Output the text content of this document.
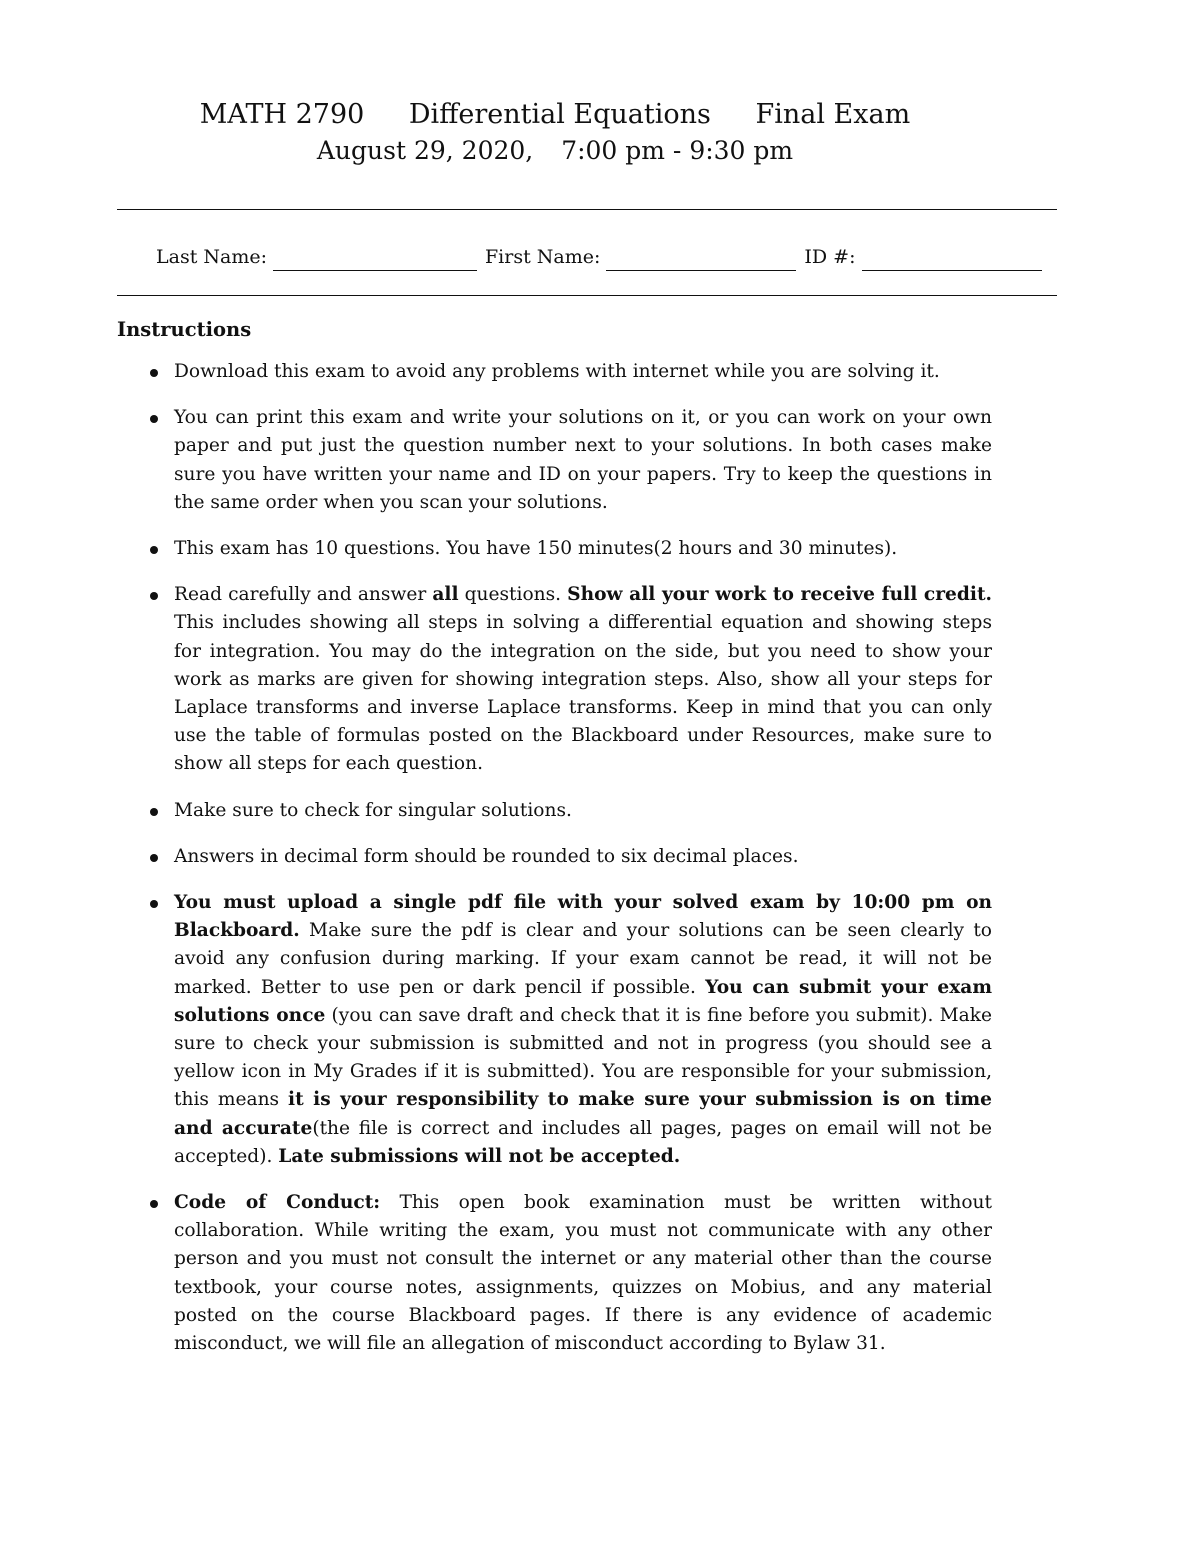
MATH 2790 Differential Equations Final Exam
August 29, 2020, 7:00 pm - 9:30 pm
Last Name:	First Name:	ID #:
Instructions
Download this exam to avoid any problems with internet while you are solving it.
You can print this exam and write your solutions on it, or you can work on your own paper and put just the question number next to your solutions. In both cases make sure you have written your name and ID on your papers. Try to keep the questions in the same order when you scan your solutions.
This exam has 10 questions. You have 150 minutes(2 hours and 30 minutes).
Read carefully and answer all questions. Show all your work to receive full credit. This includes showing all steps in solving a differential equation and showing steps for integration. You may do the integration on the side, but you need to show your work as marks are given for showing integration steps. Also, show all your steps for Laplace transforms and inverse Laplace transforms. Keep in mind that you can only use the table of formulas posted on the Blackboard under Resources, make sure to show all steps for each question.
Make sure to check for singular solutions.
Answers in decimal form should be rounded to six decimal places.
You must upload a single pdf file with your solved exam by 10:00 pm on Blackboard. Make sure the pdf is clear and your solutions can be seen clearly to avoid any confusion during marking. If your exam cannot be read, it will not be marked. Better to use pen or dark pencil if possible. You can submit your exam solutions once (you can save draft and check that it is fine before you submit). Make sure to check your submission is submitted and not in progress (you should see a yellow icon in My Grades if it is submitted). You are responsible for your submission, this means it is your responsibility to make sure your submission is on time and accurate(the file is correct and includes all pages, pages on email will not be accepted). Late submissions will not be accepted.
Code of Conduct: This open book examination must be written without collaboration. While writing the exam, you must not communicate with any other person and you must not consult the internet or any material other than the course textbook, your course notes, assignments, quizzes on Mobius, and any material posted on the course Blackboard pages. If there is any evidence of academic misconduct, we will file an allegation of misconduct according to Bylaw 31.
